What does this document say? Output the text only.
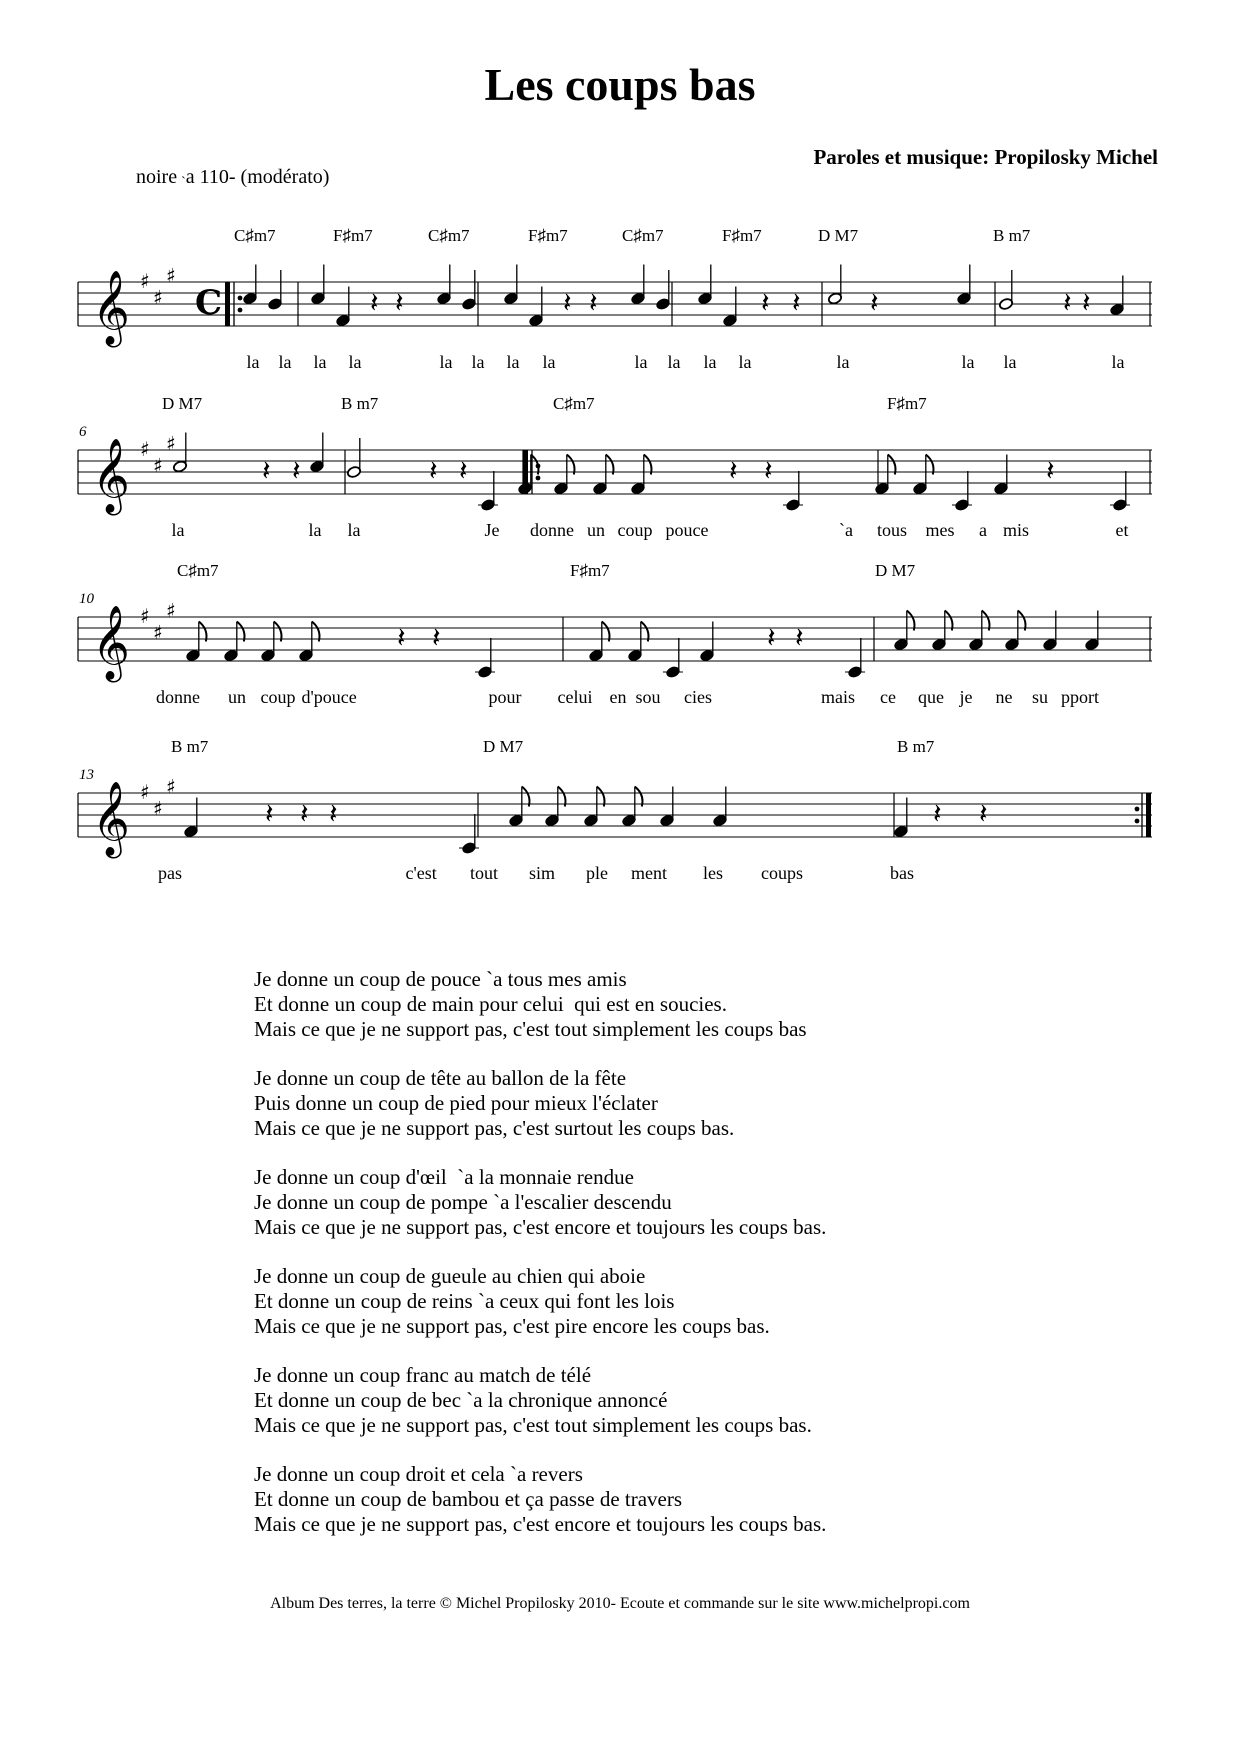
Les coups bas
Paroles et musique: Propilosky Michel
noire `a 110- (modérato)
C♯m7	F♯m7	C♯m7	F♯m7	C♯m7	F♯m7	D M7	B m7
la la la la	la la la la	la la la la	la	la la	la
𝄞 ♯
♯
♯
C	𝄽 𝄽	𝄽 𝄽	𝄽 𝄽 𝄽	𝄽 𝄽
6
D M7	B m7	C♯m7	F♯m7
la	la la	Je donne un coup pouce	`a tous mes a mis	et
𝄞 ♯
♯
♯
𝄽 𝄽	𝄽 𝄽	𝄽 𝄽	𝄽
10
C♯m7	F♯m7	D M7
donne un coup d'pouce	pour celui en sou cies	mais ce que je ne su pport
𝄞 ♯
♯
♯
𝄽 𝄽	𝄽 𝄽
13
B m7	D M7	B m7
pas	c'est tout sim ple ment les coups	bas
𝄞 ♯
♯
♯
𝄽 𝄽 𝄽	𝄽 𝄽
Je donne un coup de pouce `a tous mes amis
Et donne un coup de main pour celui  qui est en soucies.
Mais ce que je ne support pas, c'est tout simplement les coups bas
Je donne un coup de tête au ballon de la fête
Puis donne un coup de pied pour mieux l'éclater
Mais ce que je ne support pas, c'est surtout les coups bas.
Je donne un coup d'œil  `a la monnaie rendue
Je donne un coup de pompe `a l'escalier descendu
Mais ce que je ne support pas, c'est encore et toujours les coups bas.
Je donne un coup de gueule au chien qui aboie
Et donne un coup de reins `a ceux qui font les lois
Mais ce que je ne support pas, c'est pire encore les coups bas.
Je donne un coup franc au match de télé
Et donne un coup de bec `a la chronique annoncé
Mais ce que je ne support pas, c'est tout simplement les coups bas.
Je donne un coup droit et cela `a revers
Et donne un coup de bambou et ça passe de travers
Mais ce que je ne support pas, c'est encore et toujours les coups bas.
Album Des terres, la terre © Michel Propilosky 2010- Ecoute et commande sur le site www.michelpropi.com
